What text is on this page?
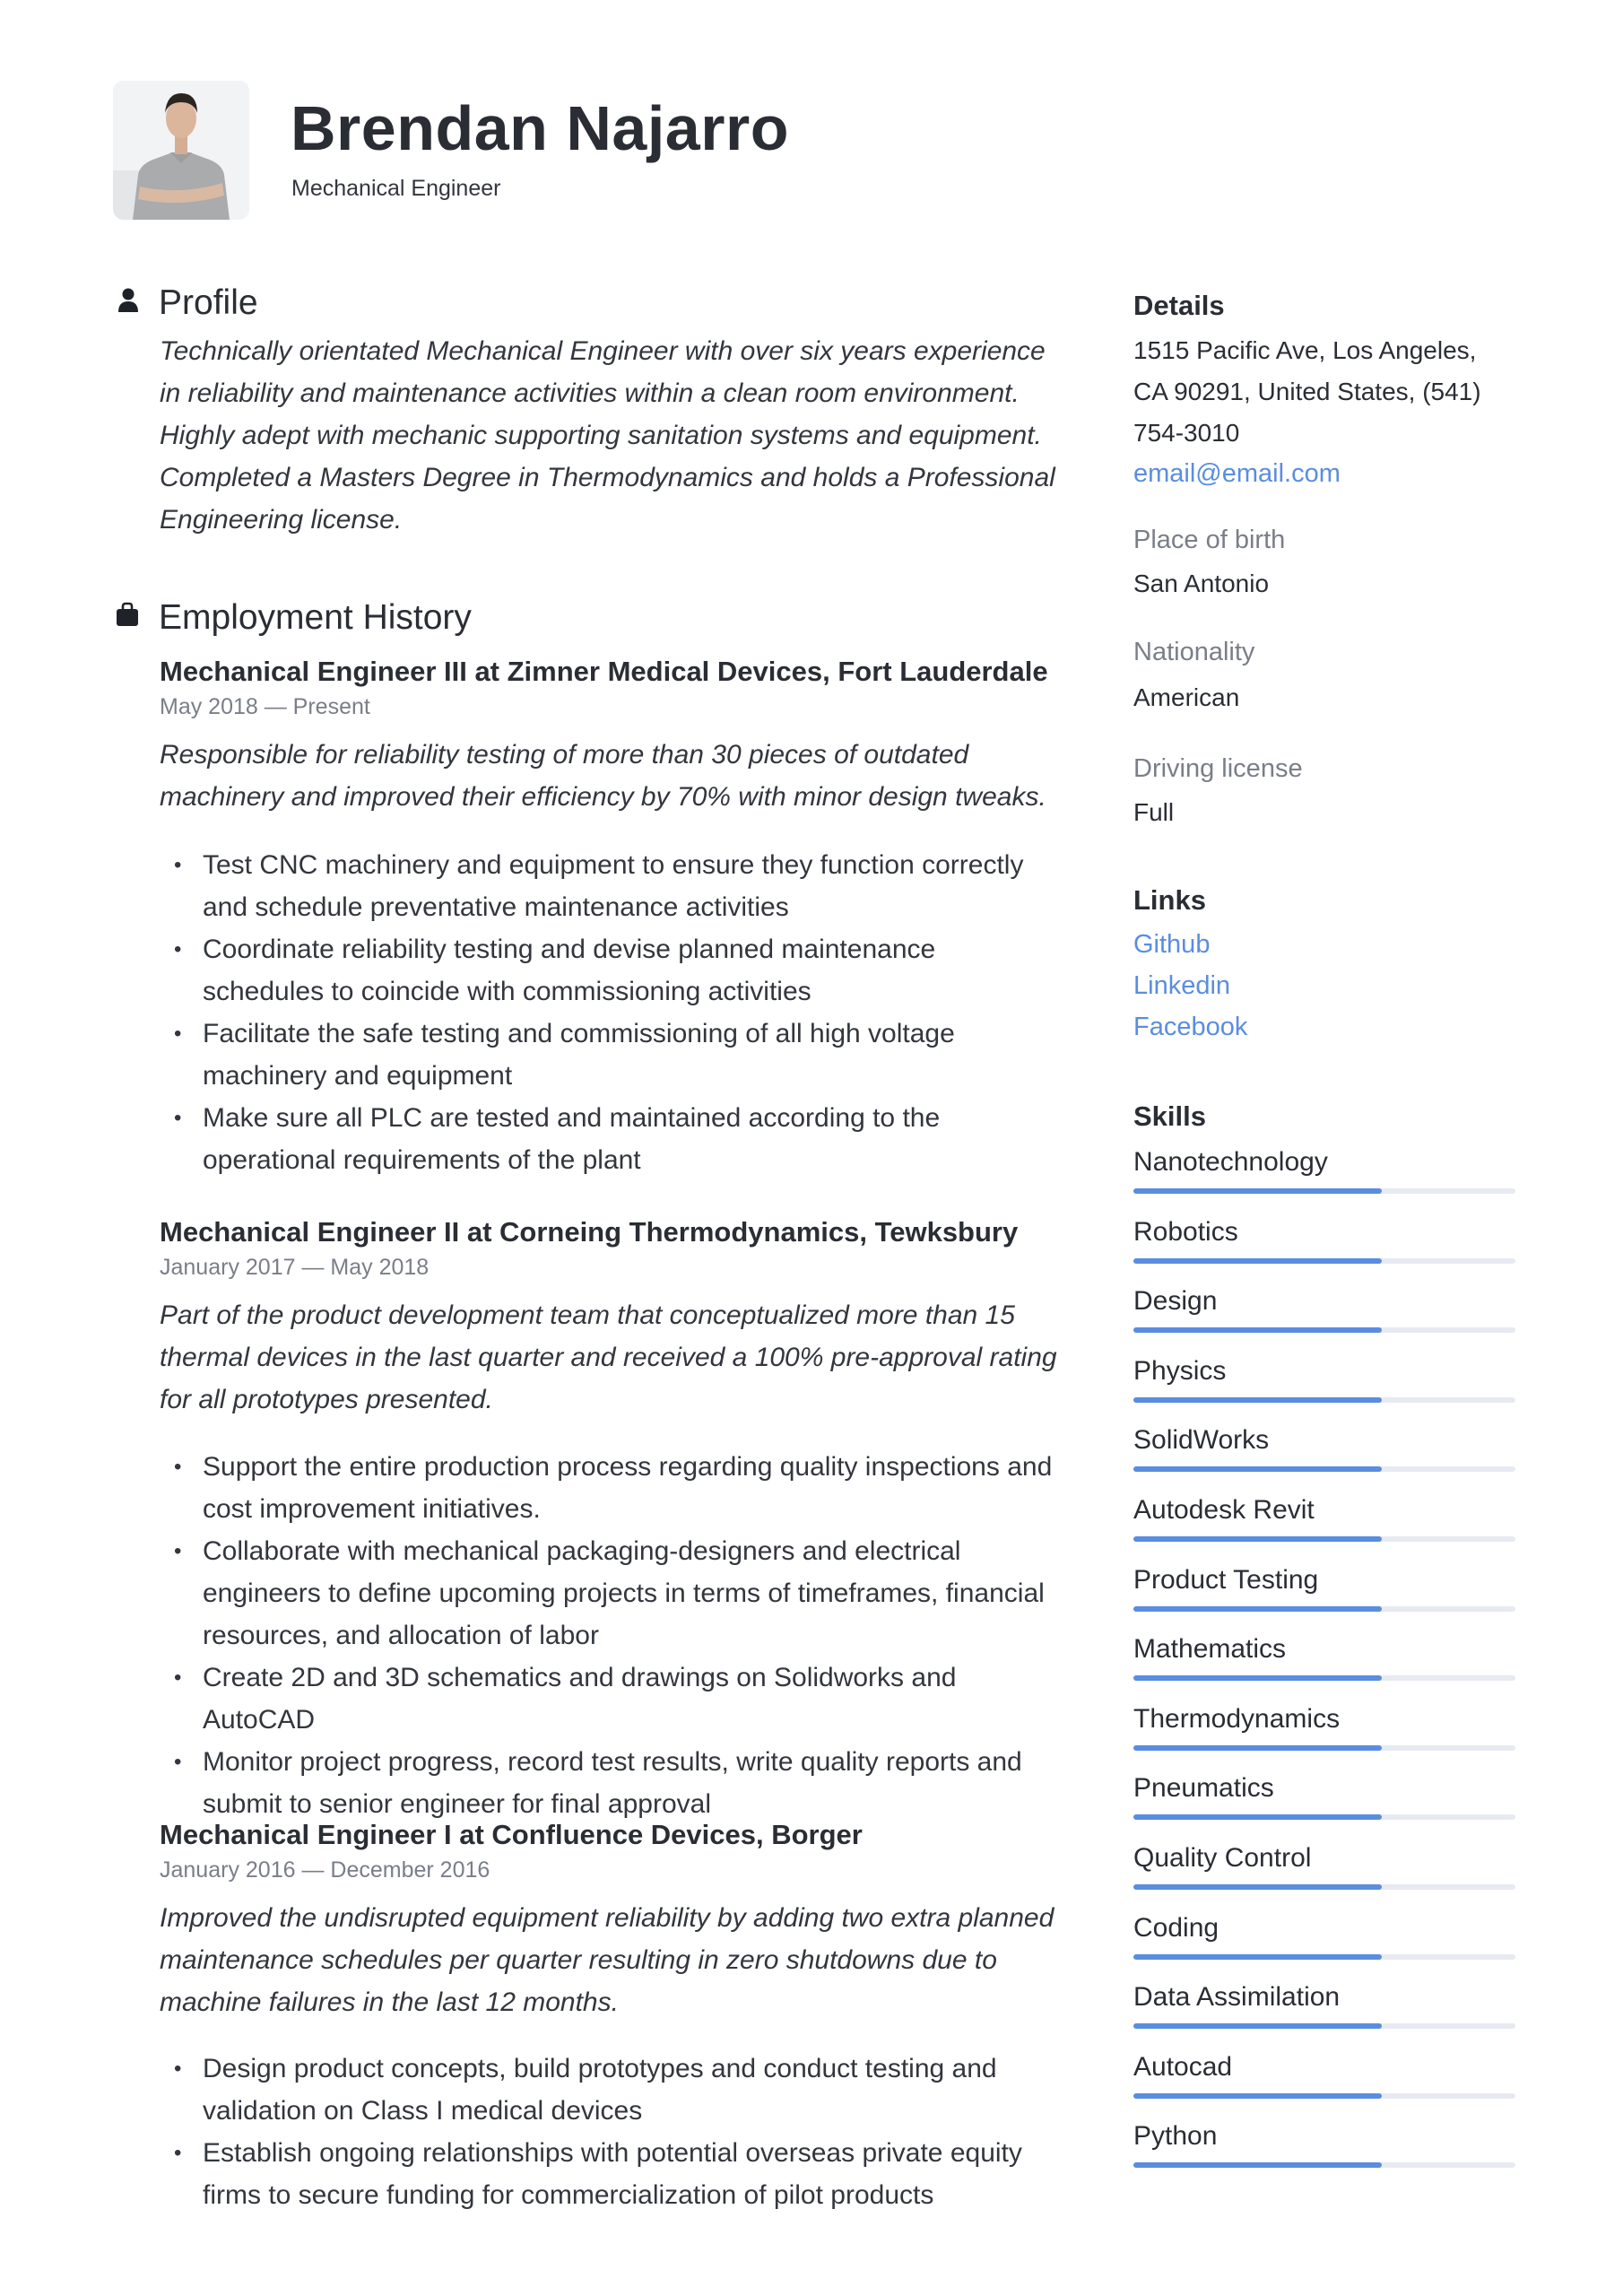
Brendan Najarro
Mechanical Engineer
Profile
Technically orientated Mechanical Engineer with over six years experience
in reliability and maintenance activities within a clean room environment.
Highly adept with mechanic supporting sanitation systems and equipment.
Completed a Masters Degree in Thermodynamics and holds a Professional
Engineering license.
Employment History
Mechanical Engineer III at Zimner Medical Devices, Fort Lauderdale
May 2018 — Present
Responsible for reliability testing of more than 30 pieces of outdated
machinery and improved their efficiency by 70% with minor design tweaks.
• Test CNC machinery and equipment to ensure they function correctly
and schedule preventative maintenance activities
• Coordinate reliability testing and devise planned maintenance
schedules to coincide with commissioning activities
• Facilitate the safe testing and commissioning of all high voltage
machinery and equipment
• Make sure all PLC are tested and maintained according to the
operational requirements of the plant
Mechanical Engineer II at Corneing Thermodynamics, Tewksbury
January 2017 — May 2018
Part of the product development team that conceptualized more than 15
thermal devices in the last quarter and received a 100% pre-approval rating
for all prototypes presented.
• Support the entire production process regarding quality inspections and
cost improvement initiatives.
• Collaborate with mechanical packaging-designers and electrical
engineers to define upcoming projects in terms of timeframes, financial
resources, and allocation of labor
• Create 2D and 3D schematics and drawings on Solidworks and AutoCAD
• Monitor project progress, record test results, write quality reports and
submit to senior engineer for final approval
Mechanical Engineer I at Confluence Devices, Borger
January 2016 — December 2016
Improved the undisrupted equipment reliability by adding two extra planned
maintenance schedules per quarter resulting in zero shutdowns due to
machine failures in the last 12 months.
• Design product concepts, build prototypes and conduct testing and
validation on Class I medical devices
• Establish ongoing relationships with potential overseas private equity
firms to secure funding for commercialization of pilot products
Details
1515 Pacific Ave, Los Angeles,
CA 90291, United States, (541)
754-3010
email@email.com
Place of birth
San Antonio
Nationality
American
Driving license
Full
Links
Github
Linkedin
Facebook
Skills
Nanotechnology
Robotics
Design
Physics
SolidWorks
Autodesk Revit
Product Testing
Mathematics
Thermodynamics
Pneumatics
Quality Control
Coding
Data Assimilation
Autocad
Python
